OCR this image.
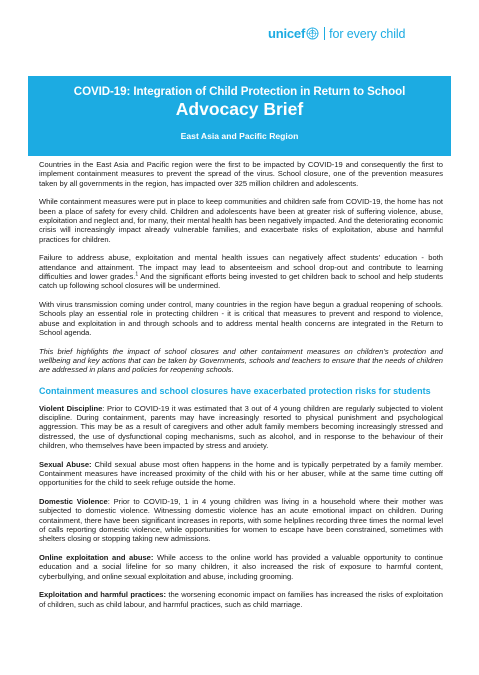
unicef for every child
COVID-19: Integration of Child Protection in Return to School
Advocacy Brief
East Asia and Pacific Region

Countries in the East Asia and Pacific region were the first to be impacted by COVID-19 and consequently the first to implement containment measures to prevent the spread of the virus. School closure, one of the prevention measures taken by all governments in the region, has impacted over 325 million children and adolescents.

While containment measures were put in place to keep communities and children safe from COVID-19, the home has not been a place of safety for every child. Children and adolescents have been at greater risk of suffering violence, abuse, exploitation and neglect and, for many, their mental health has been negatively impacted. And the deteriorating economic crisis will increasingly impact already vulnerable families, and exacerbate risks of exploitation, abuse and harmful practices for children.

Failure to address abuse, exploitation and mental health issues can negatively affect students’ education - both attendance and attainment. The impact may lead to absenteeism and school drop-out and contribute to learning difficulties and lower grades.$^1$ And the significant efforts being invested to get children back to school and help students catch up following school closures will be undermined.

With virus transmission coming under control, many countries in the region have begun a gradual reopening of schools. Schools play an essential role in protecting children - it is critical that measures to prevent and respond to violence, abuse and exploitation in and through schools and to address mental health concerns are integrated in the Return to School agenda.

This brief highlights the impact of school closures and other containment measures on children’s protection and wellbeing and key actions that can be taken by Governments, schools and teachers to ensure that the needs of children are addressed in plans and policies for reopening schools.

Containment measures and school closures have exacerbated protection risks for students

Violent Discipline: Prior to COVID-19 it was estimated that 3 out of 4 young children are regularly subjected to violent discipline. During containment, parents may have increasingly resorted to physical punishment and psychological aggression. This may be as a result of caregivers and other adult family members becoming increasingly stressed and distressed, the use of dysfunctional coping mechanisms, such as alcohol, and in response to the behaviour of their children, who themselves have been impacted by stress and anxiety.

Sexual Abuse: Child sexual abuse most often happens in the home and is typically perpetrated by a family member. Containment measures have increased proximity of the child with his or her abuser, while at the same time cutting off opportunities for the child to seek refuge outside the home.

Domestic Violence: Prior to COVID-19, 1 in 4 young children was living in a household where their mother was subjected to domestic violence. Witnessing domestic violence has an acute emotional impact on children. During containment, there have been significant increases in reports, with some helplines recording three times the normal level of calls reporting domestic violence, while opportunities for women to escape have been constrained, sometimes with shelters closing or stopping taking new admissions.

Online exploitation and abuse: While access to the online world has provided a valuable opportunity to continue education and a social lifeline for so many children, it also increased the risk of exposure to harmful content, cyberbullying, and online sexual exploitation and abuse, including grooming.

Exploitation and harmful practices: the worsening economic impact on families has increased the risks of exploitation of children, such as child labour, and harmful practices, such as child marriage.
